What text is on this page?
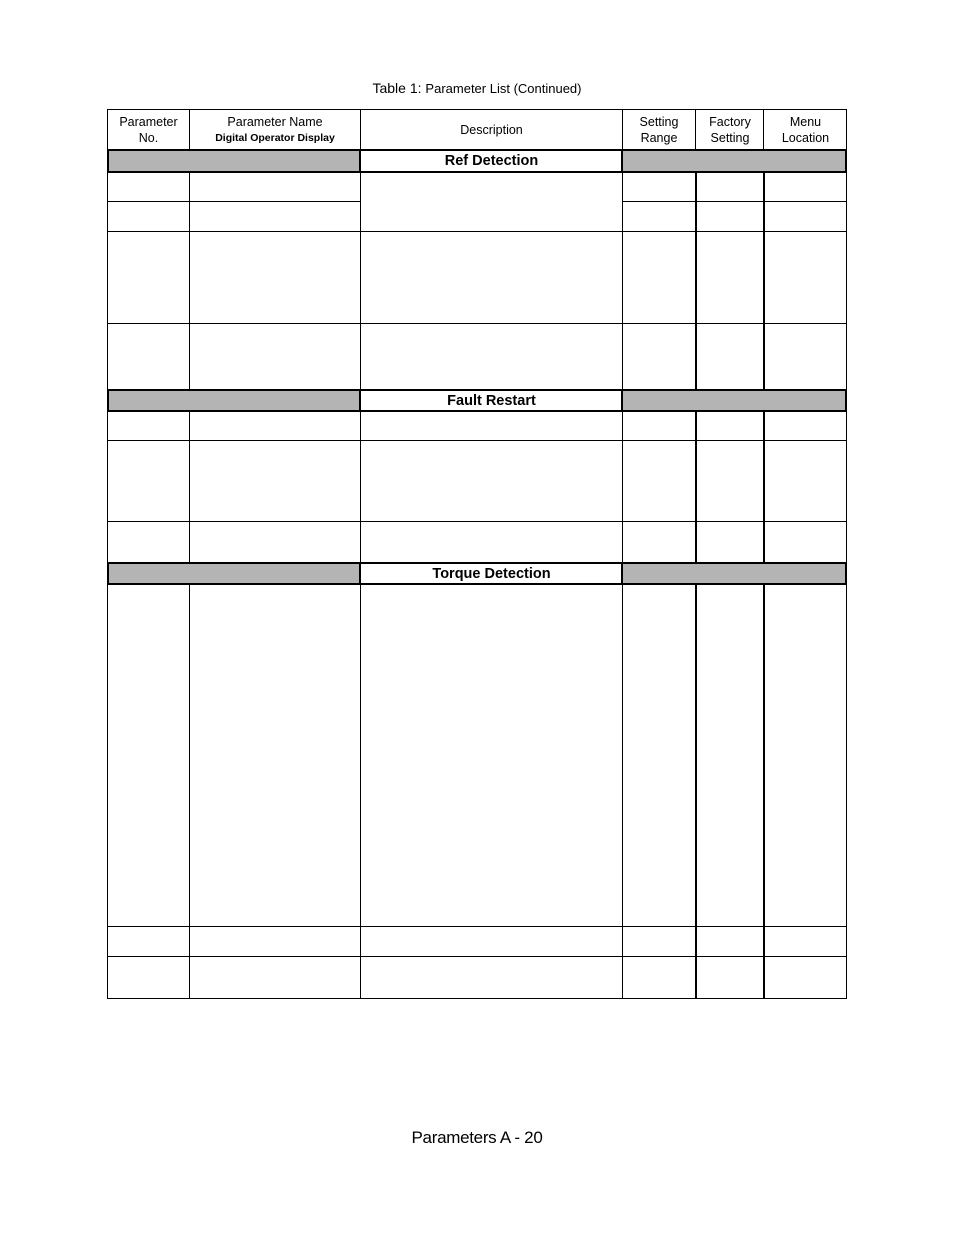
Table 1: Parameter List (Continued)
Parameter
No.
Parameter Name
Digital Operator Display
Description
Setting
Range
Factory
Setting
Menu
Location
Ref Detection
Fault Restart
Torque Detection
Parameters A - 20
